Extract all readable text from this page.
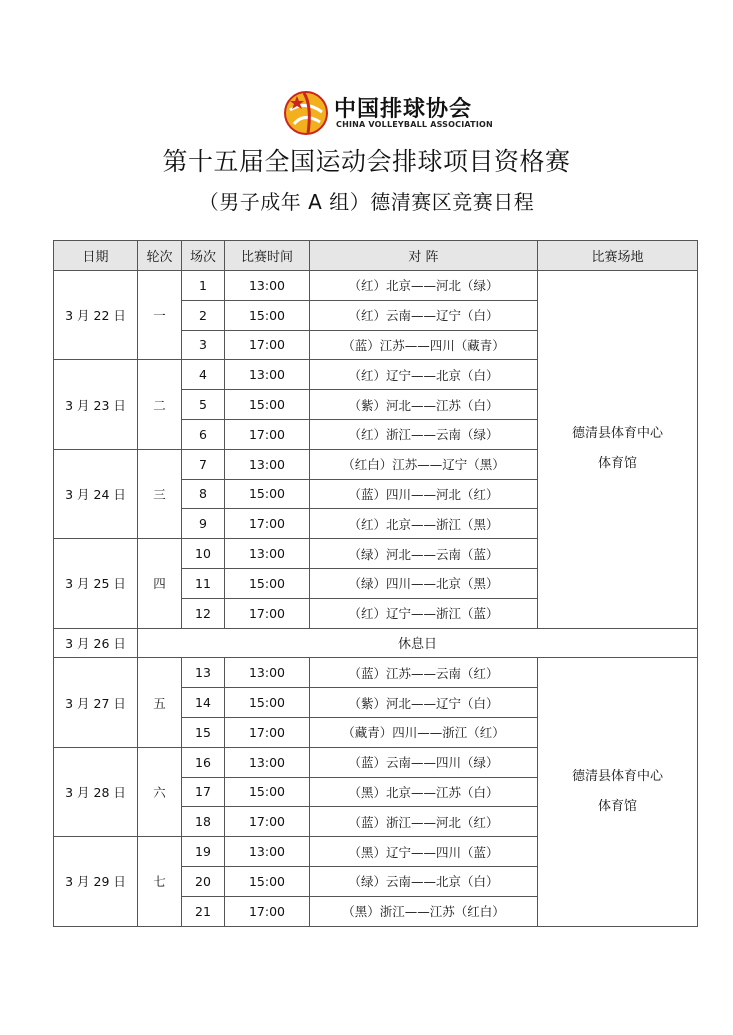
中国排球协会
CHINA VOLLEYBALL ASSOCIATION
第十五届全国运动会排球项目资格赛
（男子成年 A 组）德清赛区竞赛日程
日期	轮次	场次	比赛时间	对 阵	比赛场地
3 月 22 日	一	1	13:00	（红）北京——河北（绿）	德清县体育中心
体育馆

		2	15:00	（红）云南——辽宁（白）	
		3	17:00	（蓝）江苏——四川（藏青）	
3 月 23 日	二	4	13:00	（红）辽宁——北京（白）	
		5	15:00	（紫）河北——江苏（白）	
		6	17:00	（红）浙江——云南（绿）	
3 月 24 日	三	7	13:00	（红白）江苏——辽宁（黑）	
		8	15:00	（蓝）四川——河北（红）	
		9	17:00	（红）北京——浙江（黑）	
3 月 25 日	四	10	13:00	（绿）河北——云南（蓝）	
		11	15:00	（绿）四川——北京（黑）	
		12	17:00	（红）辽宁——浙江（蓝）	
3 月 26 日	休息日				
3 月 27 日	五	13	13:00	（蓝）江苏——云南（红）	德清县体育中心
体育馆

		14	15:00	（紫）河北——辽宁（白）	
		15	17:00	（藏青）四川——浙江（红）	
3 月 28 日	六	16	13:00	（蓝）云南——四川（绿）	
		17	15:00	（黑）北京——江苏（白）	
		18	17:00	（蓝）浙江——河北（红）	
3 月 29 日	七	19	13:00	（黑）辽宁——四川（蓝）	
		20	15:00	（绿）云南——北京（白）	
		21	17:00	（黑）浙江——江苏（红白）	
